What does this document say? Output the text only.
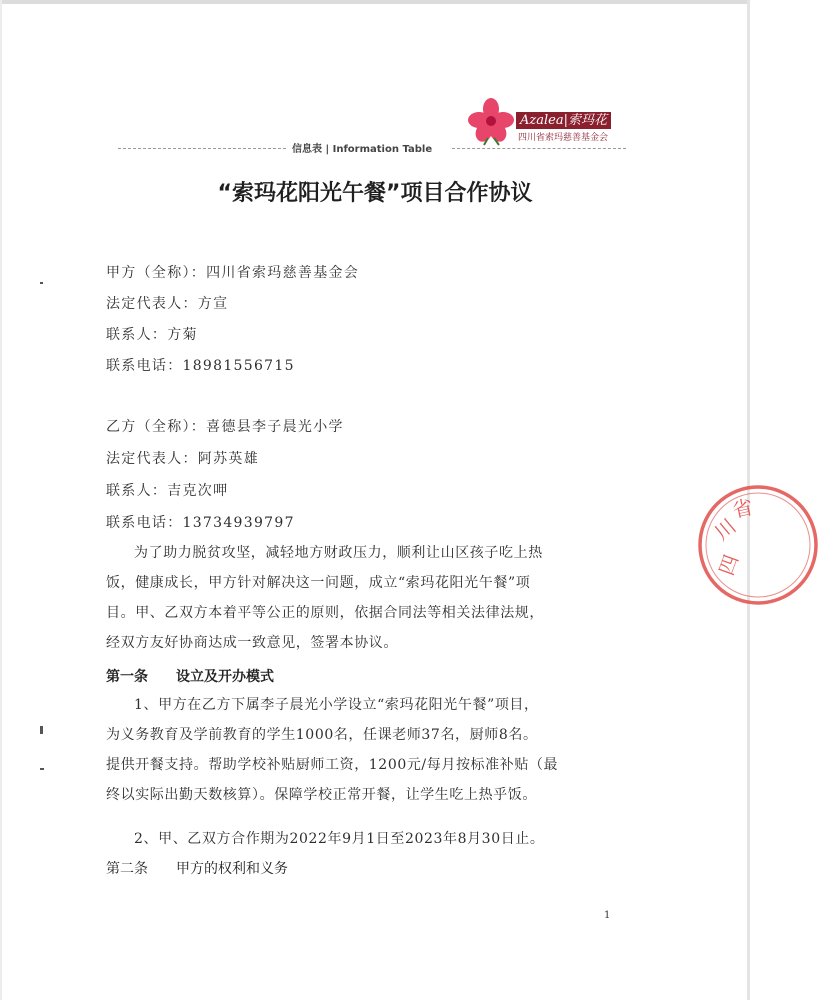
Azalea|索玛花
四川省索玛慈善基金会
信息表 | Information Table
“索玛花阳光午餐”项目合作协议
甲方（全称）：四川省索玛慈善基金会
法定代表人：方宣
联系人：方菊
联系电话：18981556715
乙方（全称）：喜德县李子晨光小学
法定代表人：阿苏英雄
联系人：吉克次呷
联系电话：13734939797

为了助力脱贫攻坚，减轻地方财政压力，顺利让山区孩子吃上热

饭，健康成长，甲方针对解决这一问题，成立“索玛花阳光午餐”项

目。甲、乙双方本着平等公正的原则，依据合同法等相关法律法规，

经双方友好协商达成一致意见，签署本协议。

第一条 设立及开办模式

1、甲方在乙方下属李子晨光小学设立“索玛花阳光午餐”项目，

为义务教育及学前教育的学生1000名，任课老师37名，厨师8名。

提供开餐支持。帮助学校补贴厨师工资，1200元/每月按标准补贴（最

终以实际出勤天数核算）。保障学校正常开餐，让学生吃上热乎饭。

2、甲、乙双方合作期为2022年9月1日至2023年8月30日止。
第二条 甲方的权利和义务
1
四
川
省
